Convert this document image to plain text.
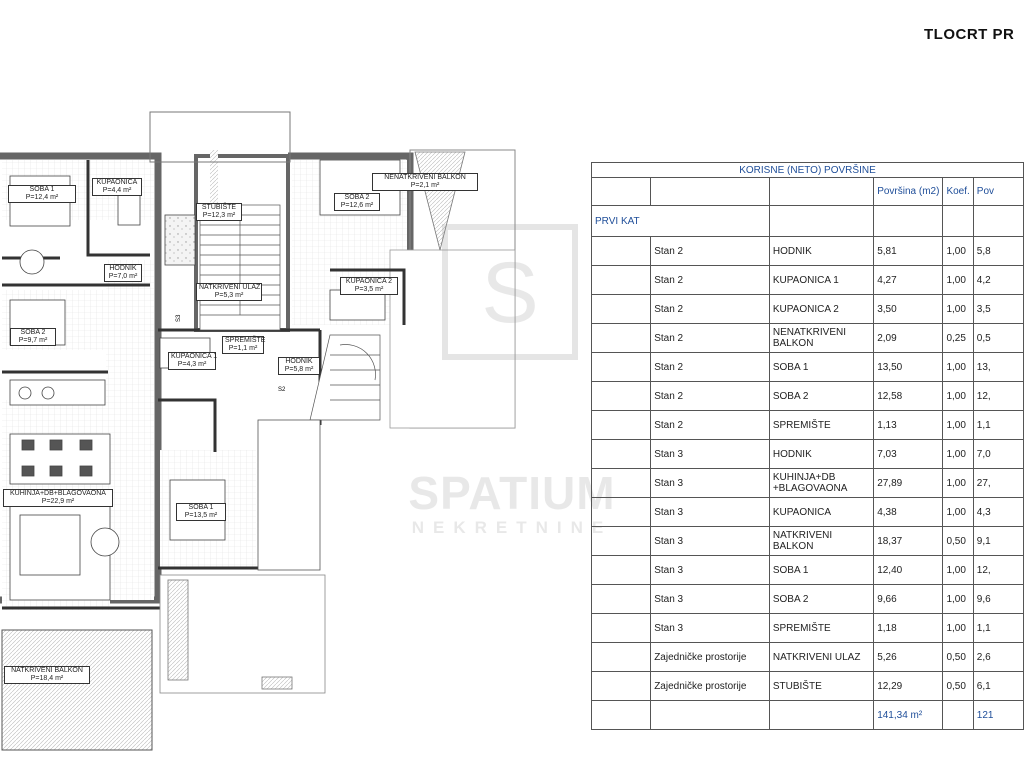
TLOCRT PR
S2
S3
SOBA 1
P=12,4 m²
KUPAONICA
P=4,4 m²
STUBIŠTE
P=12,3 m²
SOBA 2
P=12,6 m²
NENATKRIVENI BALKON
P=2,1 m²
HODNIK
P=7,0 m²
NATKRIVENI ULAZ
P=5,3 m²
KUPAONICA 2
P=3,5 m²
SOBA 2
P=9,7 m²	SPREMIŠTE
P=1,1 m²
KUPAONICA 1
P=4,3 m²	HODNIK
P=5,8 m²
KUHINJA+DB+BLAGOVAONA
P=22,9 m²
SOBA 1
P=13,5 m²
NATKRIVENI BALKON
P=18,4 m²
S
SPATIUM
NEKRETNINE
KORISNE (NETO) POVRŠINE					
			Površina (m2)	Koef.	Pov
PRVI KAT					
	Stan 2	HODNIK	5,81	1,00	5,8
	Stan 2	KUPAONICA 1	4,27	1,00	4,2
	Stan 2	KUPAONICA 2	3,50	1,00	3,5
	Stan 2	NENATKRIVENI BALKON	2,09	0,25	0,5
	Stan 2	SOBA 1	13,50	1,00	13,
	Stan 2	SOBA 2	12,58	1,00	12,
	Stan 2	SPREMIŠTE	1,13	1,00	1,1
	Stan 3	HODNIK	7,03	1,00	7,0
	Stan 3	KUHINJA+DB +BLAGOVAONA	27,89	1,00	27,
	Stan 3	KUPAONICA	4,38	1,00	4,3
	Stan 3	NATKRIVENI BALKON	18,37	0,50	9,1
	Stan 3	SOBA 1	12,40	1,00	12,
	Stan 3	SOBA 2	9,66	1,00	9,6
	Stan 3	SPREMIŠTE	1,18	1,00	1,1
	Zajedničke prostorije	NATKRIVENI ULAZ	5,26	0,50	2,6
	Zajedničke prostorije	STUBIŠTE	12,29	0,50	6,1
			141,34 m²		121
